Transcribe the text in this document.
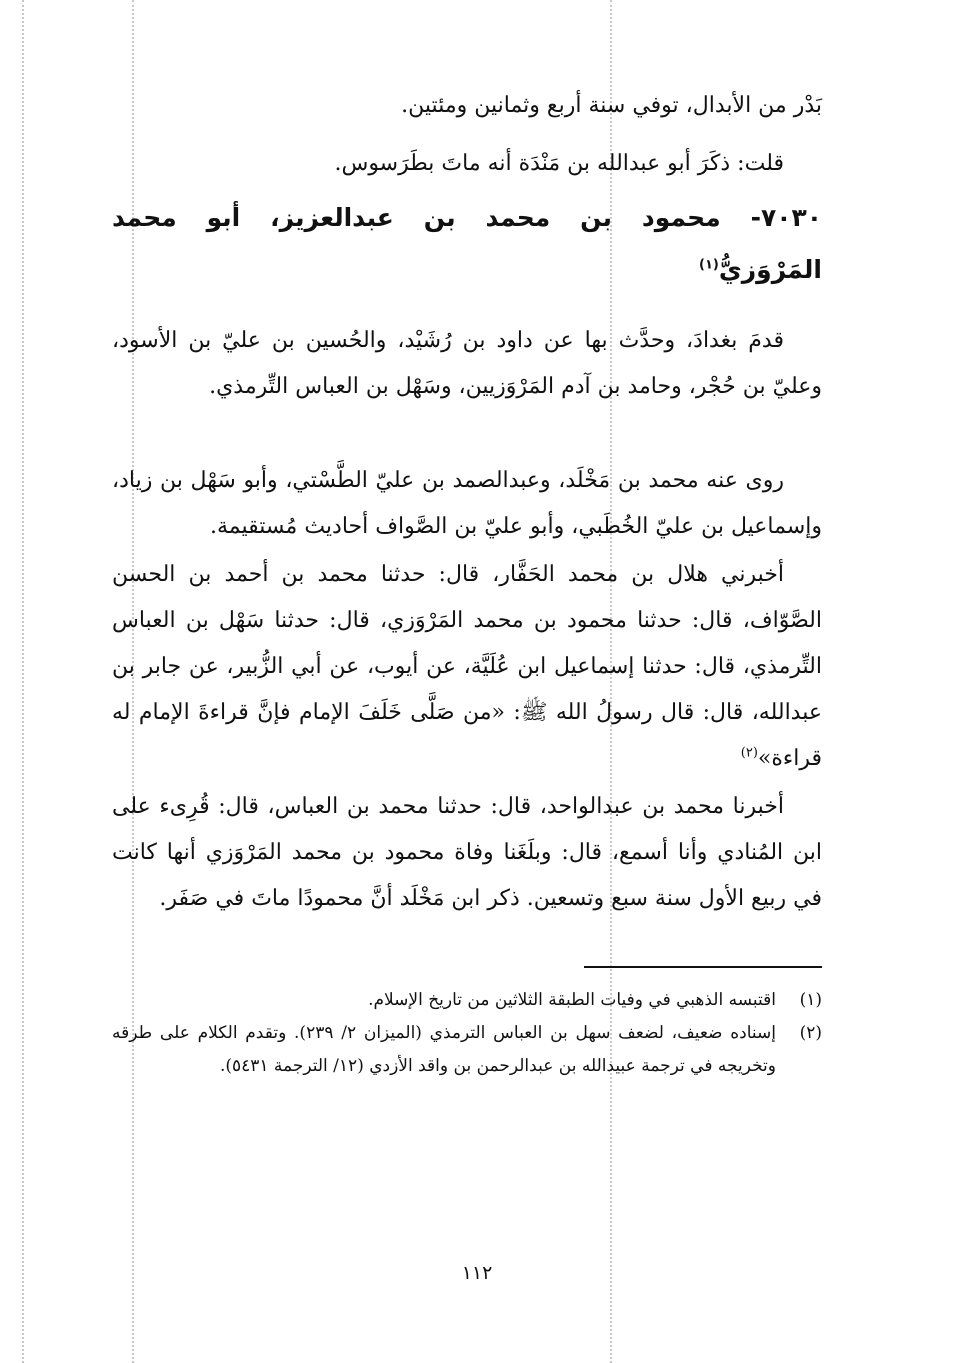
بَدْر من الأبدال، توفي سنة أربع وثمانين ومئتين.
قلت: ذكَرَ أبو عبدالله بن مَنْدَة أنه ماتَ بطَرَسوس.
٧٠٣٠- محمود بن محمد بن عبدالعزيز، أبو محمد المَرْوَزيُّ$^{(١)}$
قدمَ بغدادَ، وحدَّث بها عن داود بن رُشَيْد، والحُسين بن عليّ بن الأسود، وعليّ بن حُجْر، وحامد بن آدم المَرْوَزيين، وسَهْل بن العباس التِّرمذي.
روى عنه محمد بن مَخْلَد، وعبدالصمد بن عليّ الطَّسْتي، وأبو سَهْل بن زياد، وإسماعيل بن عليّ الخُطَبي، وأبو عليّ بن الصَّواف أحاديث مُستقيمة.
أخبرني هلال بن محمد الحَفَّار، قال: حدثنا محمد بن أحمد بن الحسن الصَّوّاف، قال: حدثنا محمود بن محمد المَرْوَزي، قال: حدثنا سَهْل بن العباس التِّرمذي، قال: حدثنا إسماعيل ابن عُلَيَّة، عن أيوب، عن أبي الزُّبير، عن جابر بن عبدالله، قال: قال رسولُ الله ﷺ: «من صَلَّى خَلَفَ الإمام فإنَّ قراءةَ الإمام له قراءة»$^{(٢)}$
أخبرنا محمد بن عبدالواحد، قال: حدثنا محمد بن العباس، قال: قُرِىء على ابن المُنادي وأنا أسمع، قال: وبلَغَنا وفاة محمود بن محمد المَرْوَزي أنها كانت في ربيع الأول سنة سبع وتسعين. ذكر ابن مَخْلَد أنَّ محمودًا ماتَ في صَفَر.
(١)
اقتبسه الذهبي في وفيات الطبقة الثلاثين من تاريخ الإسلام.
(٢)
إسناده ضعيف، لضعف سهل بن العباس الترمذي (الميزان ٢/ ٢٣٩). وتقدم الكلام على طرقه وتخريجه في ترجمة عبيدالله بن عبدالرحمن بن واقد الأزدي (١٢/ الترجمة ٥٤٣١).
١١٢
